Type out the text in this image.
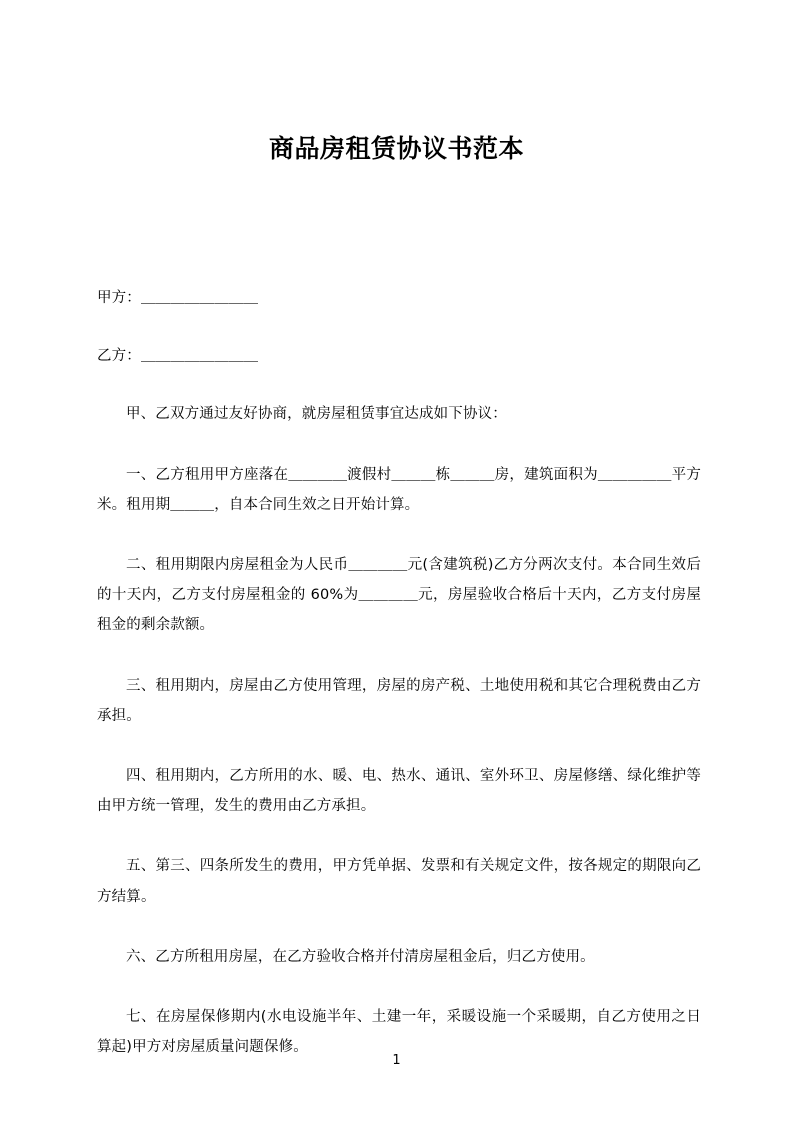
商品房租赁协议书范本

甲方：＿＿＿＿＿＿＿＿

乙方：＿＿＿＿＿＿＿＿

甲、乙双方通过友好协商，就房屋租赁事宜达成如下协议：

一、乙方租用甲方座落在＿＿＿＿渡假村＿＿＿栋＿＿＿房，建筑面积为＿＿＿＿＿平方米。租用期＿＿＿，自本合同生效之日开始计算。

二、租用期限内房屋租金为人民币＿＿＿＿元(含建筑税)乙方分两次支付。本合同生效后的十天内，乙方支付房屋租金的 60%为＿＿＿＿元，房屋验收合格后十天内，乙方支付房屋租金的剩余款额。

三、租用期内，房屋由乙方使用管理，房屋的房产税、土地使用税和其它合理税费由乙方承担。

四、租用期内，乙方所用的水、暖、电、热水、通讯、室外环卫、房屋修缮、绿化维护等由甲方统一管理，发生的费用由乙方承担。

五、第三、四条所发生的费用，甲方凭单据、发票和有关规定文件，按各规定的期限向乙方结算。

六、乙方所租用房屋，在乙方验收合格并付清房屋租金后，归乙方使用。

七、在房屋保修期内(水电设施半年、土建一年，采暖设施一个采暖期，自乙方使用之日算起)甲方对房屋质量问题保修。

1
